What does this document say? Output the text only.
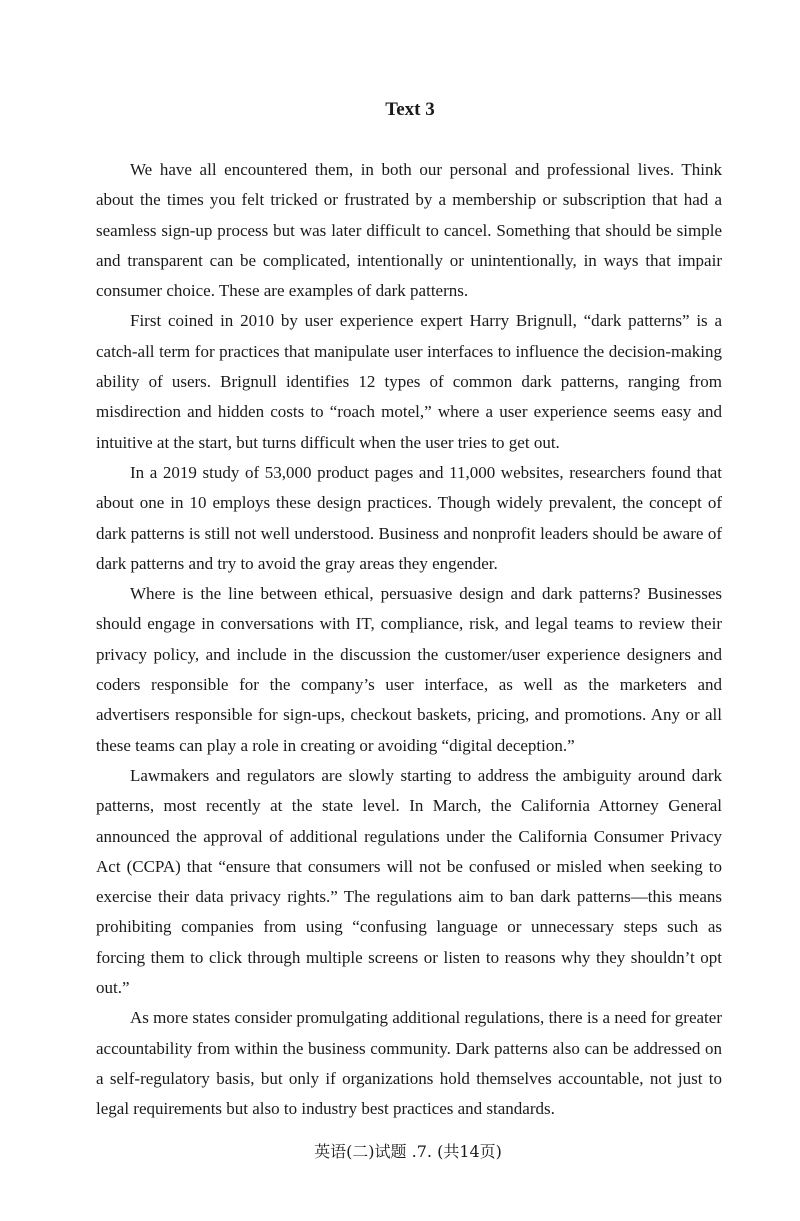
Text 3

We have all encountered them, in both our personal and professional lives. Think about the times you felt tricked or frustrated by a membership or subscription that had a seamless sign-up process but was later difficult to cancel. Something that should be simple and transparent can be complicated, intentionally or unintentionally, in ways that impair consumer choice. These are examples of dark patterns.

First coined in 2010 by user experience expert Harry Brignull, “dark patterns” is a catch-all term for practices that manipulate user interfaces to influence the decision-making ability of users. Brignull identifies 12 types of common dark patterns, ranging from misdirection and hidden costs to “roach motel,” where a user experience seems easy and intuitive at the start, but turns difficult when the user tries to get out.

In a 2019 study of 53,000 product pages and 11,000 websites, researchers found that about one in 10 employs these design practices. Though widely prevalent, the concept of dark patterns is still not well understood. Business and nonprofit leaders should be aware of dark patterns and try to avoid the gray areas they engender.

Where is the line between ethical, persuasive design and dark patterns? Businesses should engage in conversations with IT, compliance, risk, and legal teams to review their privacy policy, and include in the discussion the customer/user experience designers and coders responsible for the company’s user interface, as well as the marketers and advertisers responsible for sign-ups, checkout baskets, pricing, and promotions. Any or all these teams can play a role in creating or avoiding “digital deception.”

Lawmakers and regulators are slowly starting to address the ambiguity around dark patterns, most recently at the state level. In March, the California Attorney General announced the approval of additional regulations under the California Consumer Privacy Act (CCPA) that “ensure that consumers will not be confused or misled when seeking to exercise their data privacy rights.” The regulations aim to ban dark patterns—this means prohibiting companies from using “confusing language or unnecessary steps such as forcing them to click through multiple screens or listen to reasons why they shouldn’t opt out.”

As more states consider promulgating additional regulations, there is a need for greater accountability from within the business community. Dark patterns also can be addressed on a self-regulatory basis, but only if organizations hold themselves accountable, not just to legal requirements but also to industry best practices and standards.

英语(二)试题 .7. (共14页)
